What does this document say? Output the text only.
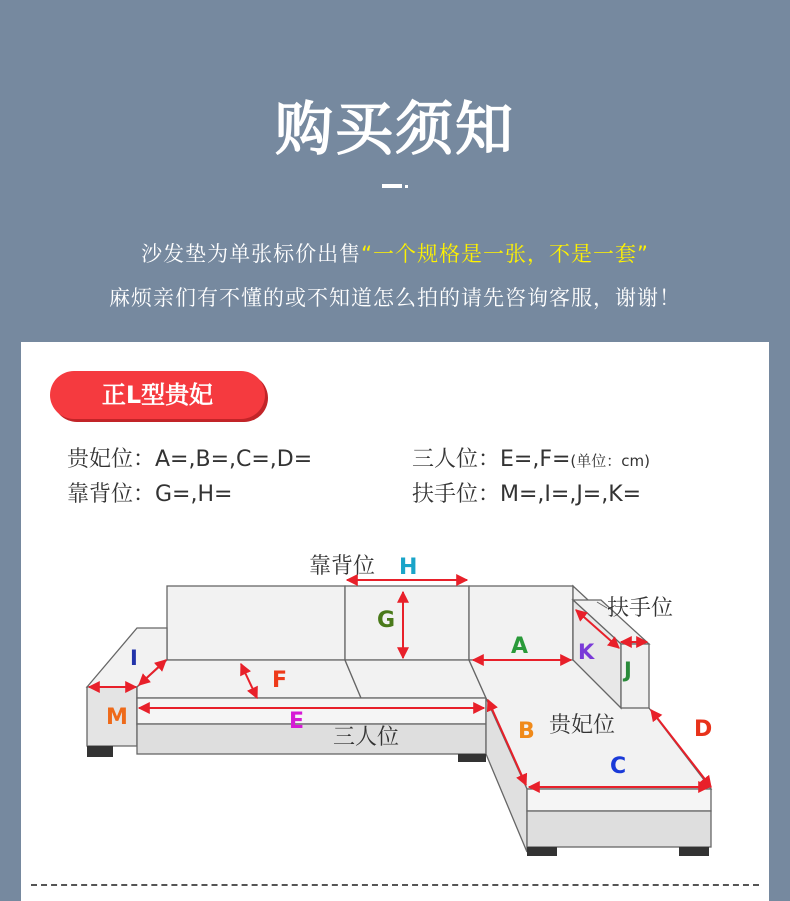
购买须知
沙发垫为单张标价出售“一个规格是一张，不是一套”
麻烦亲们有不懂的或不知道怎么拍的请先咨询客服，谢谢！
正L型贵妃
贵妃位：A=,B=,C=,D=	三人位：E=,F=(单位：cm)
靠背位：G=,H=	扶手位：M=,I=,J=,K=
靠背位
扶手位
贵妃位
三人位
H
G
A K
J
I
F
M	E	B
C
D
